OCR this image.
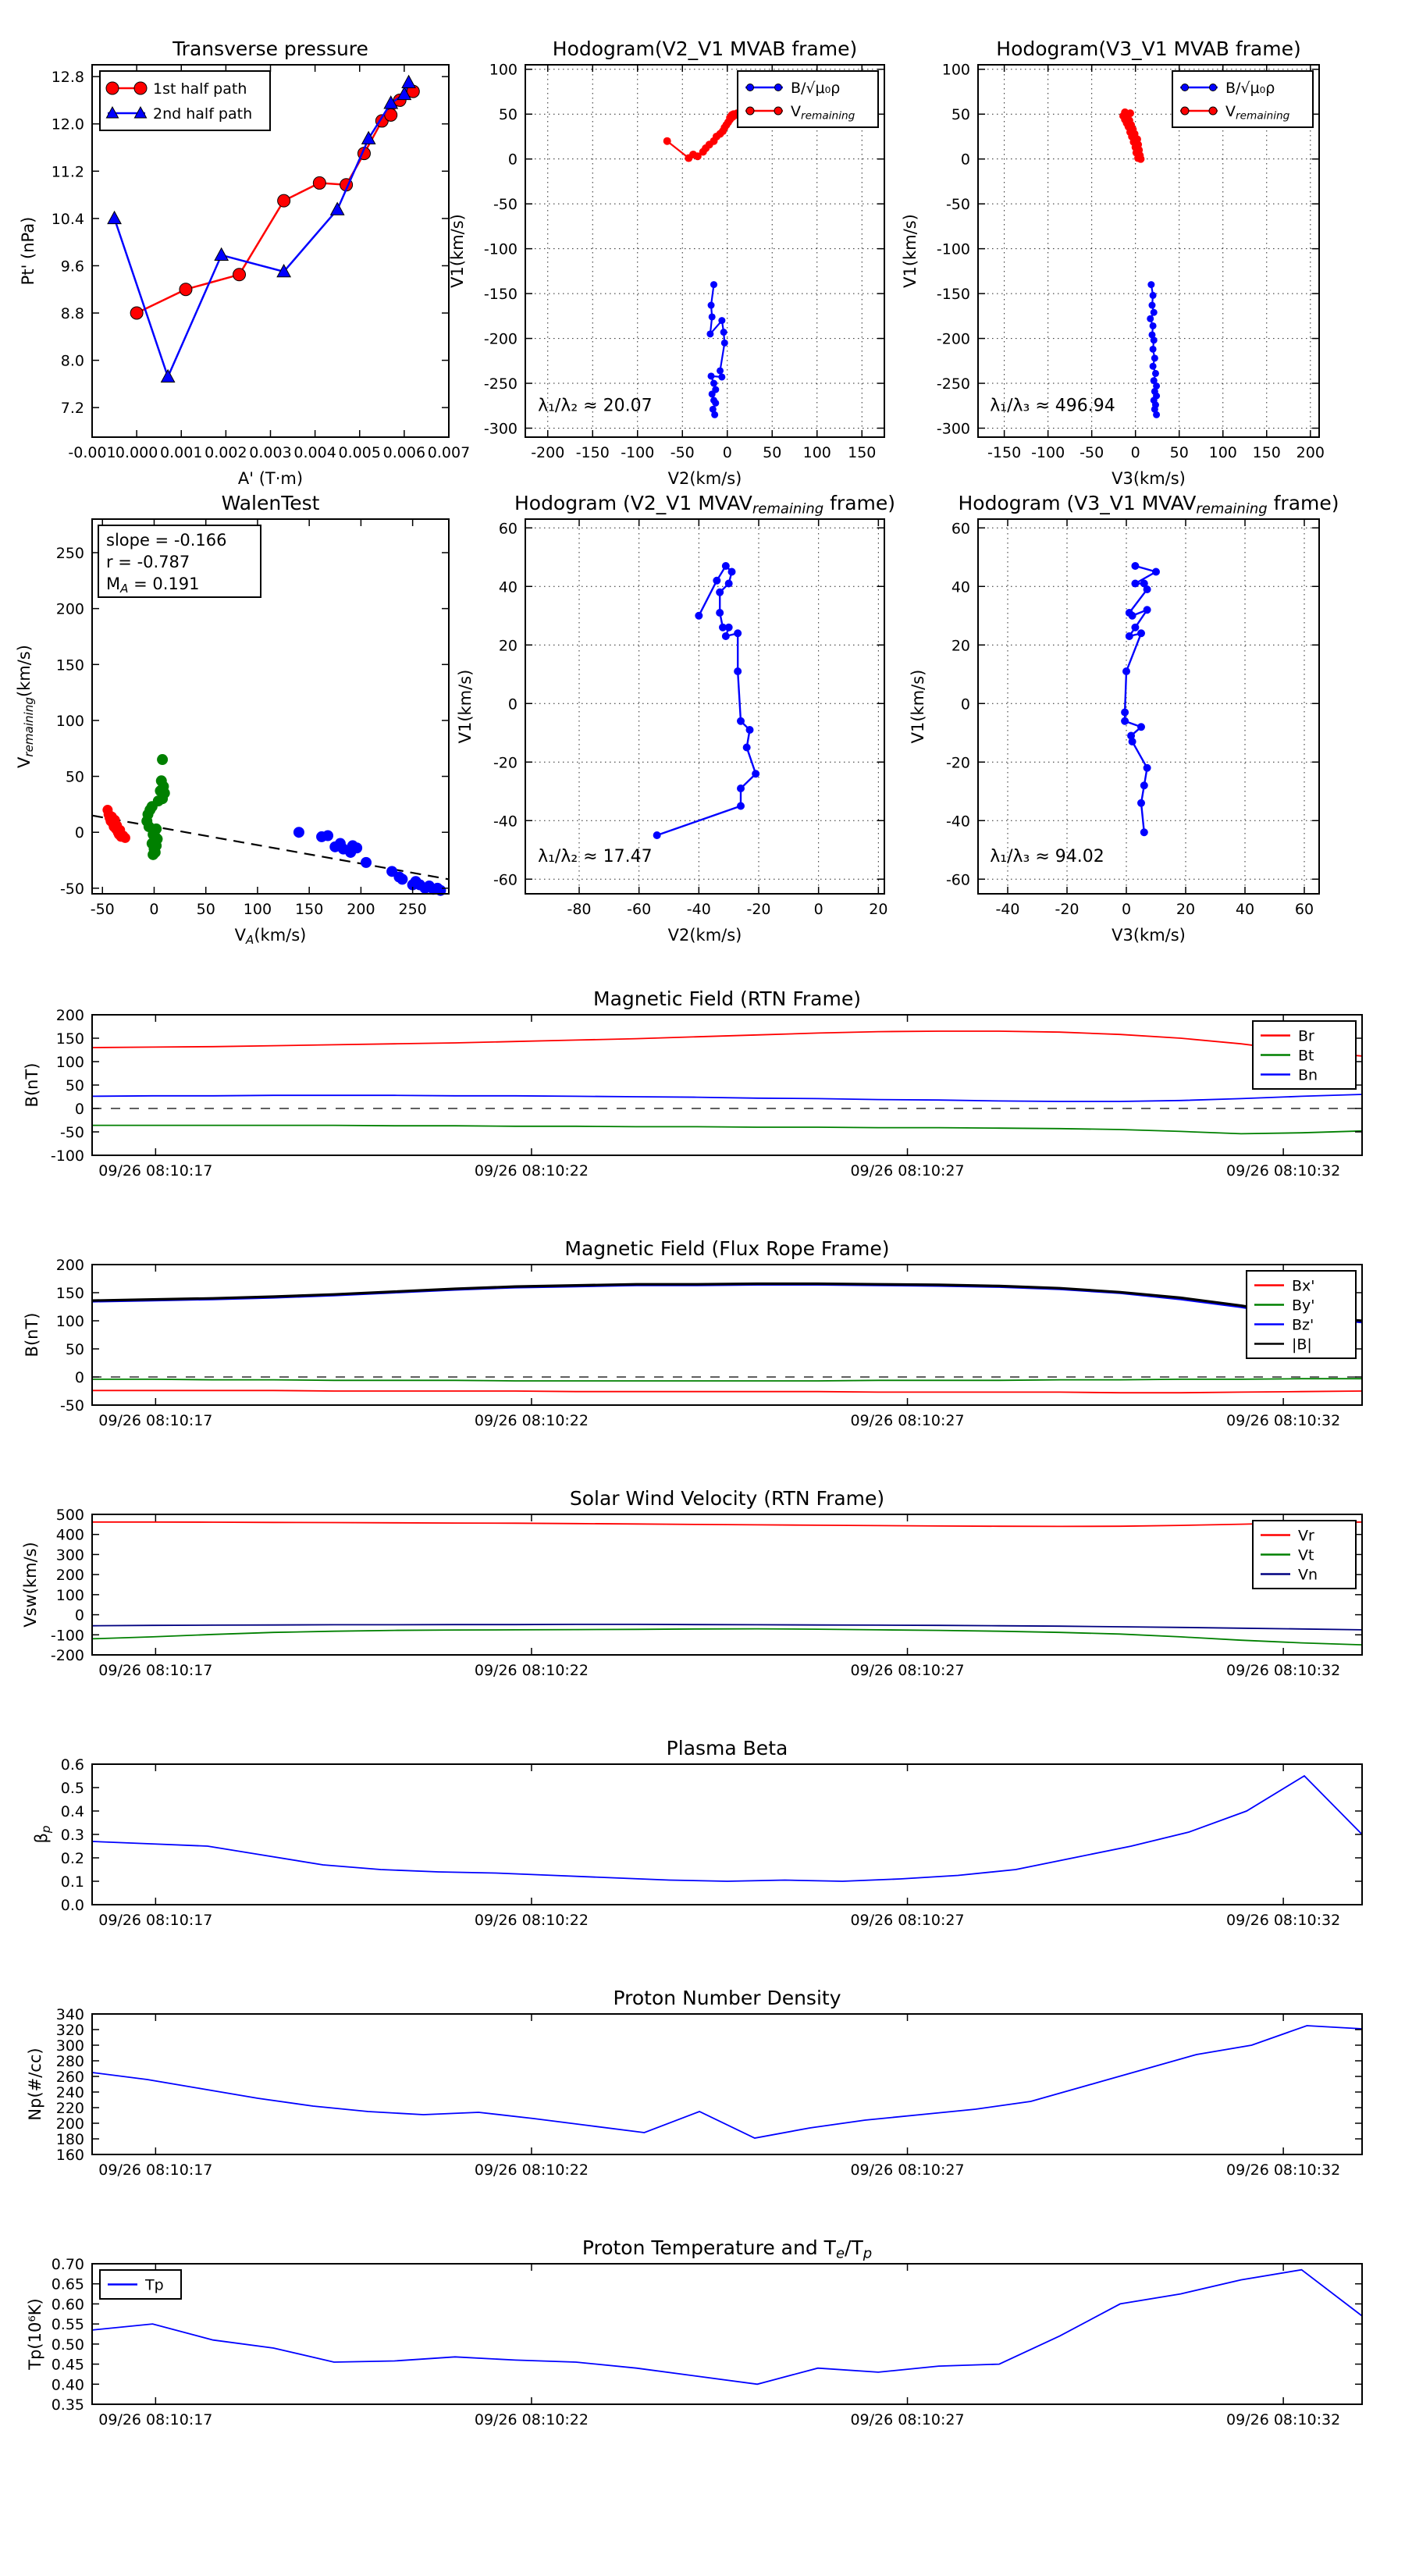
-0.001 0.000 0.001 0.002 0.003 0.004 0.005 0.006 0.007
7.2
8.0
8.8
9.6
10.4
11.2
12.0
12.8
Transverse pressure
A' (T·m)
Pt' (nPa)
1st half path
2nd half path
-200 -150 -100 -50 0 50 100 150
-300
-250
-200
-150
-100
-50
0
50
100
Hodogram(V2_V1 MVAB frame)
V2(km/s)
V1(km/s)
λ₁/λ₂ ≈ 20.07
B/√μ₀ρ
Vremaining
-150 -100 -50 0 50 100 150 200
-300
-250
-200
-150
-100
-50
0
50
100
Hodogram(V3_V1 MVAB frame)
V3(km/s)
V1(km/s)
λ₁/λ₃ ≈ 496.94
B/√μ₀ρ
Vremaining
-50 0	50 100 150 200 250
-50
0
50
100
150
200
250
WalenTest
VA(km/s)
Vremaining(km/s)
slope = -0.166
r = -0.787
MA = 0.191
-80 -60 -40 -20	0	20
-60
-40
-20
0
20
40
60
Hodogram (V2_V1 MVAVremaining frame)
V2(km/s)
V1(km/s)
λ₁/λ₂ ≈ 17.47
-40 -20	0	20	40	60
-60
-40
-20
0
20
40
60
Hodogram (V3_V1 MVAVremaining frame)
V3(km/s)
V1(km/s)
λ₁/λ₃ ≈ 94.02
09/26 08:10:17	09/26 08:10:22	09/26 08:10:27	09/26 08:10:32
-100
-50
0
50
100
150
200
Magnetic Field (RTN Frame)
B(nT)
Br
Bt
Bn
09/26 08:10:17	09/26 08:10:22	09/26 08:10:27	09/26 08:10:32
-50
0
50
100
150
200
Magnetic Field (Flux Rope Frame)
B(nT)
Bx'
By'
Bz'
|B|
09/26 08:10:17	09/26 08:10:22	09/26 08:10:27	09/26 08:10:32
-200
-100
0
100
200
300
400
500
Solar Wind Velocity (RTN Frame)
Vsw(km/s)
Vr
Vt
Vn
09/26 08:10:17	09/26 08:10:22	09/26 08:10:27	09/26 08:10:32
0.0
0.1
0.2
0.3
0.4
0.5
0.6
Plasma Beta
βp
09/26 08:10:17	09/26 08:10:22	09/26 08:10:27	09/26 08:10:32
160
180
200
220
240
260
280
300
320
340
Proton Number Density
Np(#/cc)
09/26 08:10:17	09/26 08:10:22	09/26 08:10:27	09/26 08:10:32
0.35
0.40
0.45
0.50
0.55
0.60
0.65
0.70
Proton Temperature and Te/Tp
Tp(10⁶K)
Tp
